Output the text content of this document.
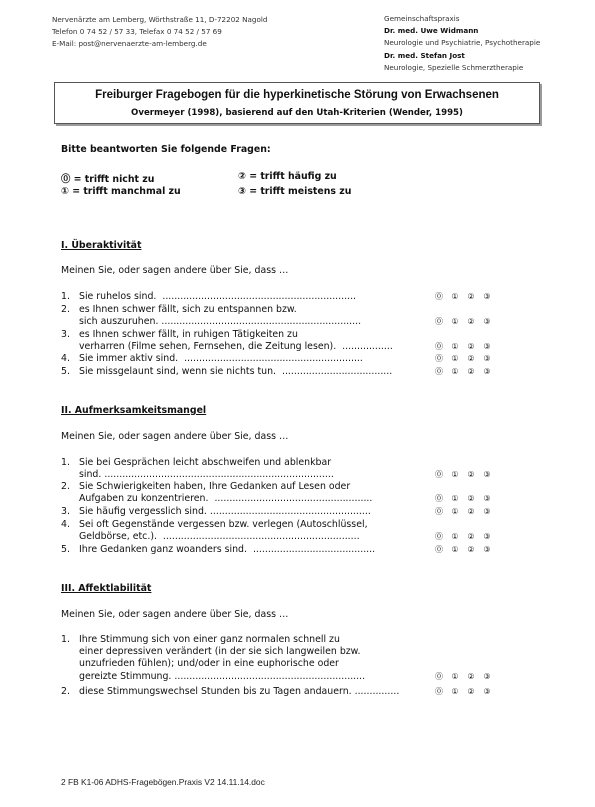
Nervenärzte am Lemberg, Wörthstraße 11, D-72202 Nagold
Telefon 0 74 52 / 57 33, Telefax 0 74 52 / 57 69
E-Mail: post@nervenaerzte-am-lemberg.de
Gemeinschaftspraxis
Dr. med. Uwe Widmann
Neurologie und Psychiatrie, Psychotherapie
Dr. med. Stefan Jost
Neurologie, Spezielle Schmerztherapie
Freiburger Fragebogen für die hyperkinetische Störung von Erwachsenen
Overmeyer (1998), basierend auf den Utah-Kriterien (Wender, 1995)
Bitte beantworten Sie folgende Fragen:
⓪ = trifft nicht zu	② = trifft häufig zu
① = trifft manchmal zu	③ = trifft meistens zu
I. Überaktivität
Meinen Sie, oder sagen andere über Sie, dass …
1. Sie ruhelos sind.  .................................................................	⓪ ① ② ③
2. es Ihnen schwer fällt, sich zu entspannen bzw.
sich auszuruhen. ...................................................................	⓪ ① ② ③
3. es Ihnen schwer fällt, in ruhigen Tätigkeiten zu
verharren (Filme sehen, Fernsehen, die Zeitung lesen).  .................	⓪ ① ② ③
4. Sie immer aktiv sind.  ............................................................	⓪ ① ② ③
5. Sie missgelaunt sind, wenn sie nichts tun.  .....................................	⓪ ① ② ③
II. Aufmerksamkeitsmangel
Meinen Sie, oder sagen andere über Sie, dass …
1. Sie bei Gesprächen leicht abschweifen und ablenkbar
sind. .............................................................................	⓪ ① ② ③
2. Sie Schwierigkeiten haben, Ihre Gedanken auf Lesen oder
Aufgaben zu konzentrieren.  .....................................................	⓪ ① ② ③
3. Sie häufig vergesslich sind. ......................................................	⓪ ① ② ③
4. Sei oft Gegenstände vergessen bzw. verlegen (Autoschlüssel,
Geldbörse, etc.).  ..................................................................	⓪ ① ② ③
5. Ihre Gedanken ganz woanders sind.  .........................................	⓪ ① ② ③
III. Affektlabilität
Meinen Sie, oder sagen andere über Sie, dass …
1. Ihre Stimmung sich von einer ganz normalen schnell zu
einer depressiven verändert (in der sie sich langweilen bzw.
unzufrieden fühlen); und/oder in eine euphorische oder
gereizte Stimmung. ................................................................	⓪ ① ② ③
2. diese Stimmungswechsel Stunden bis zu Tagen andauern. ...............	⓪ ① ② ③
2 FB K1-06 ADHS-Fragebögen.Praxis V2 14.11.14.doc
